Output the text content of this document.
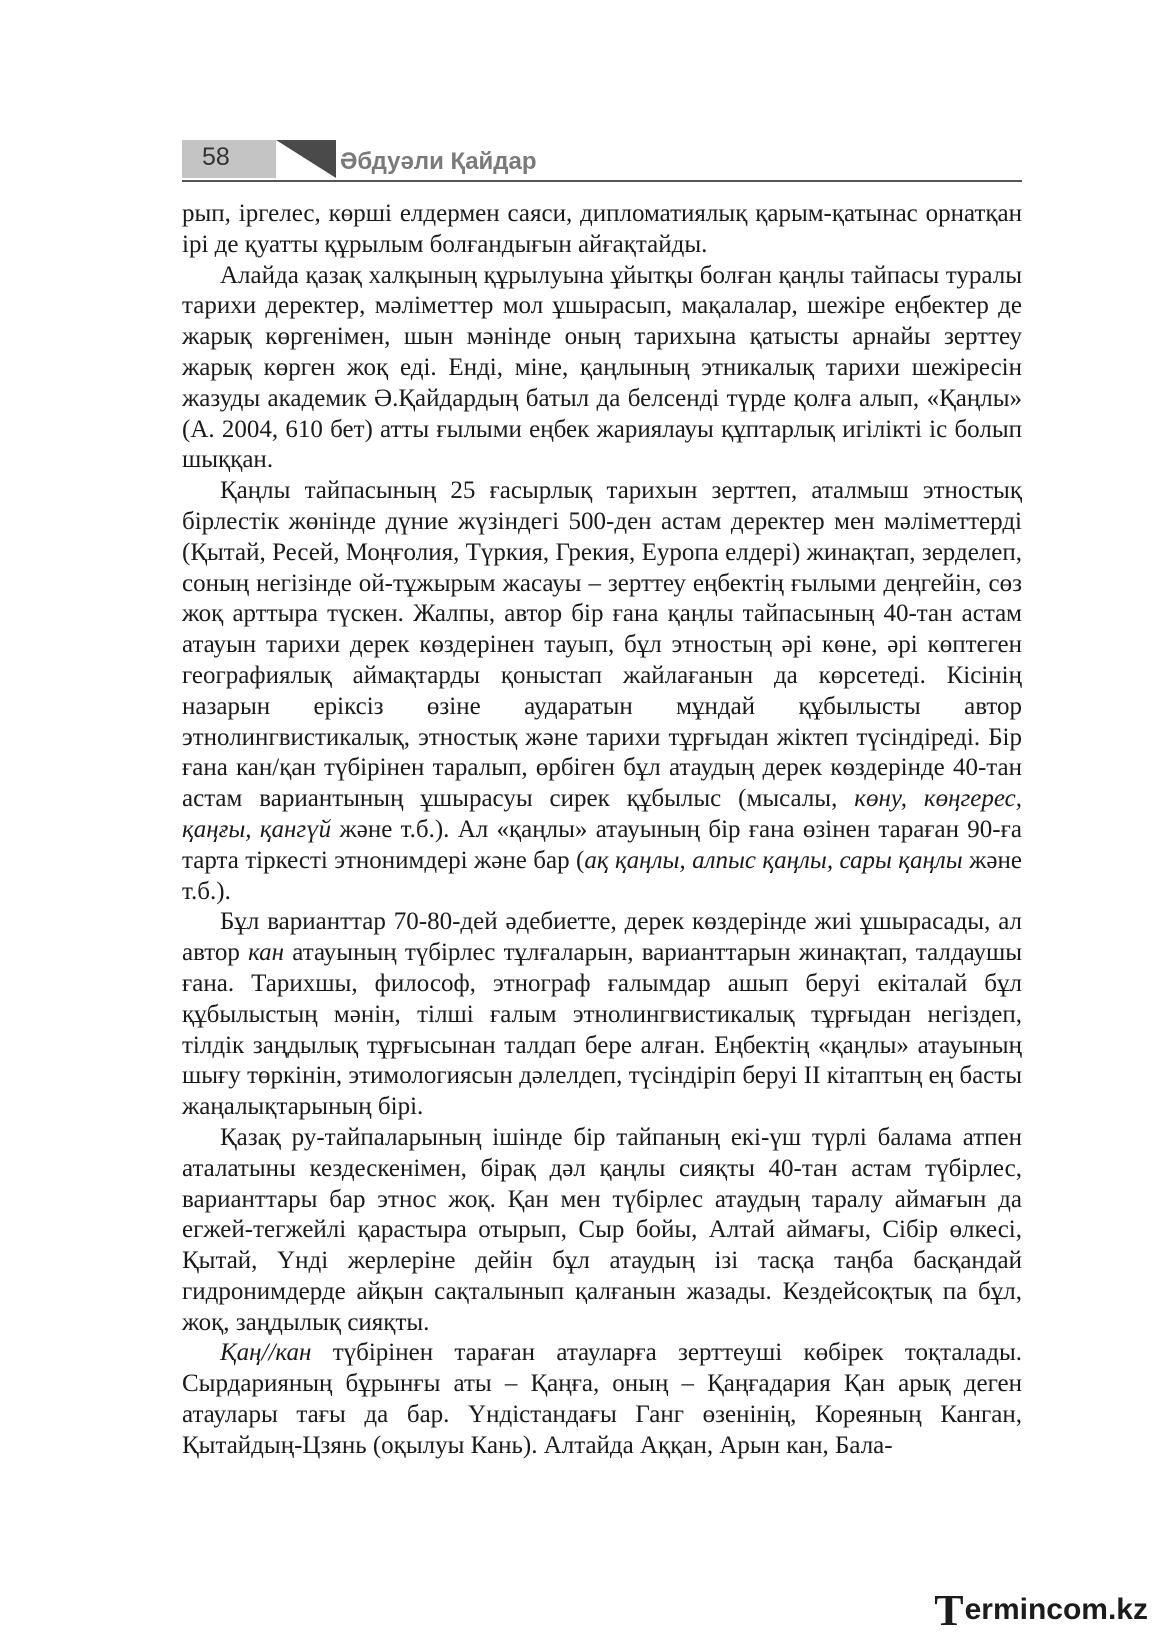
58	Әбдуәли Қайдар

рып, іргелес, көрші елдермен саяси, дипломатиялық қарым-қатынас орнатқан ірі де қуатты құрылым болғандығын айғақтайды.

Алайда қазақ халқының құрылуына ұйытқы болған қаңлы тайпасы туралы тарихи деректер, мәліметтер мол ұшырасып, мақалалар, шежіре еңбектер де жарық көргенімен, шын мәнінде оның тарихына қатысты арнайы зерттеу жарық көрген жоқ еді. Енді, міне, қаңлының этникалық тарихи шежіресін жазуды академик Ә.Қайдардың батыл да белсенді түрде қолға алып, «Қаңлы» (А. 2004, 610 бет) атты ғылыми еңбек жариялауы құптарлық игілікті іс болып шыққан.

Қаңлы тайпасының 25 ғасырлық тарихын зерттеп, аталмыш этностық бірлестік жөнінде дүние жүзіндегі 500-ден астам деректер мен мәліметтерді (Қытай, Ресей, Моңғолия, Түркия, Грекия, Еуропа елдері) жинақтап, зерделеп, соның негізінде ой-тұжырым жасауы – зерттеу еңбектің ғылыми деңгейін, сөз жоқ арттыра түскен. Жалпы, автор бір ғана қаңлы тайпасының 40-тан астам атауын тарихи дерек көздерінен тауып, бұл этностың әрі көне, әрі көптеген географиялық аймақтарды қоныстап жайлағанын да көрсетеді. Кісінің назарын еріксіз өзіне аударатын мұндай құбылысты автор этнолингвистикалық, этностық және тарихи тұрғыдан жіктеп түсіндіреді. Бір ғана кан/қан түбірінен таралып, өрбіген бұл атаудың дерек көздерінде 40-тан астам вариантының ұшырасуы сирек құбылыс (мысалы, көну, көңгерес, қаңғы, қангүй және т.б.). Ал «қаңлы» атауының бір ғана өзінен тараған 90-ға тарта тіркесті этнонимдері және бар (ақ қаңлы, алпыс қаңлы, сары қаңлы және т.б.).

Бұл варианттар 70-80-дей әдебиетте, дерек көздерінде жиі ұшырасады, ал автор кан атауының түбірлес тұлғаларын, варианттарын жинақтап, талдаушы ғана. Тарихшы, философ, этнограф ғалымдар ашып беруі екіталай бұл құбылыстың мәнін, тілші ғалым этнолингвистикалық тұрғыдан негіздеп, тілдік заңдылық тұрғысынан талдап бере алған. Еңбектің «қаңлы» атауының шығу төркінін, этимологиясын дәлелдеп, түсіндіріп беруі II кітаптың ең басты жаңалықтарының бірі.

Қазақ ру-тайпаларының ішінде бір тайпаның екі-үш түрлі балама атпен аталатыны кездескенімен, бірақ дәл қаңлы сияқты 40-тан астам түбірлес, варианттары бар этнос жоқ. Қан мен түбірлес атаудың таралу аймағын да егжей-тегжейлі қарастыра отырып, Сыр бойы, Алтай аймағы, Сібір өлкесі, Қытай, Үнді жерлеріне дейін бұл атаудың ізі тасқа таңба басқандай гидронимдерде айқын сақталынып қалғанын жазады. Кездейсоқтық па бұл, жоқ, заңдылық сияқты.

Қаң//кан түбірінен тараған атауларға зерттеуші көбірек тоқталады. Сырдарияның бұрынғы аты – Қаңға, оның – Қаңғадария Қан арық деген атаулары тағы да бар. Үндістандағы Ганг өзенінің, Кореяның Канган, Қытайдың-Цзянь (оқылуы Кань). Алтайда Аққан, Арын кан, Бала-

T ermincom.kz
